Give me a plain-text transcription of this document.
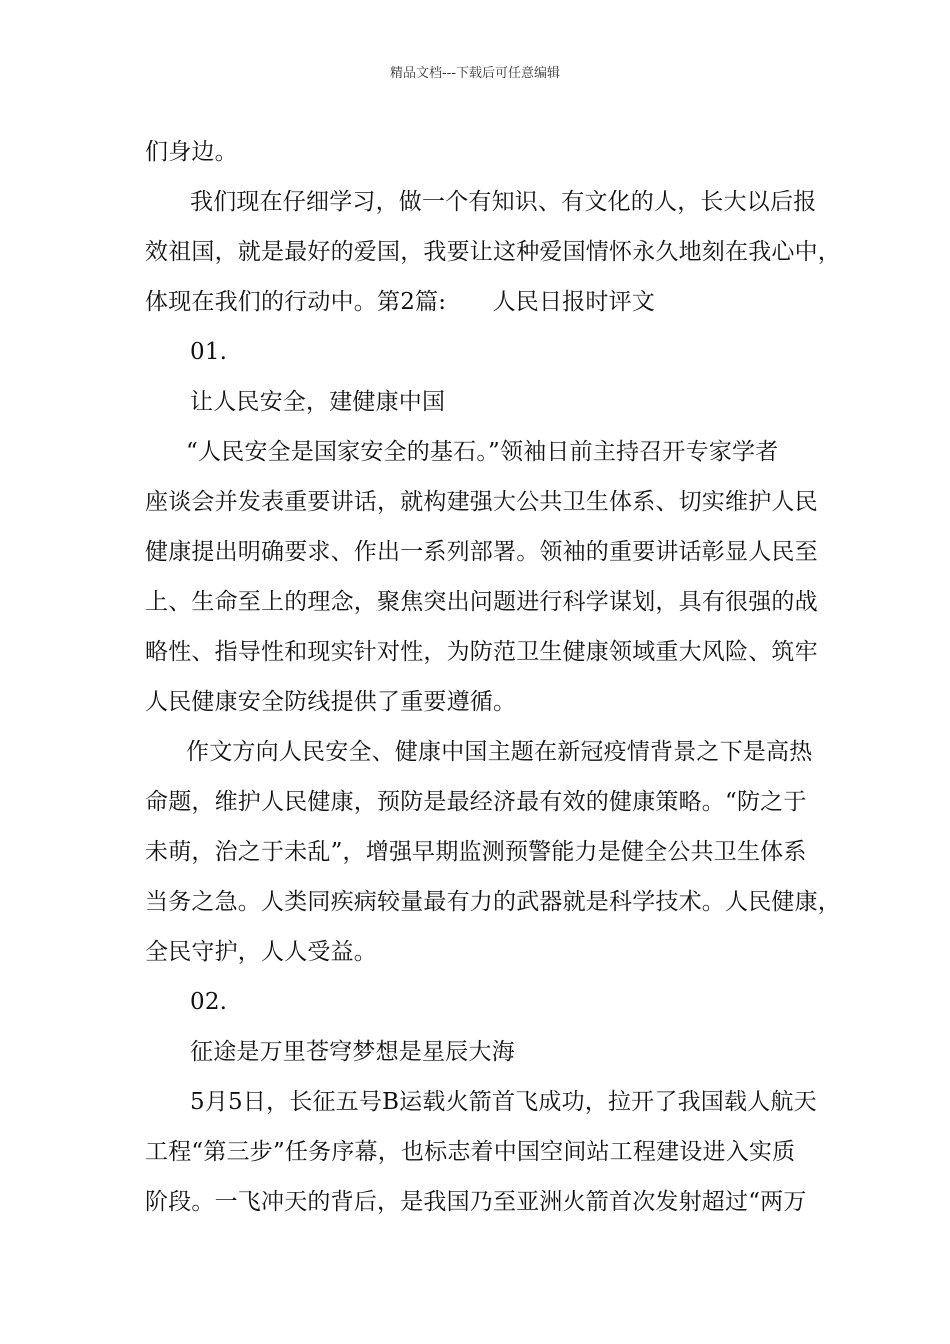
精品文档---下载后可任意编辑
们身边。
我们现在仔细学习，做一个有知识、有文化的人，长大以后报
效祖国，就是最好的爱国，我要让这种爱国情怀永久地刻在我心中，
体现在我们的行动中。第2篇:　　人民日报时评文
01.
让人民安全，建健康中国
“人民安全是国家安全的基石。”领袖日前主持召开专家学者
座谈会并发表重要讲话，就构建强大公共卫生体系、切实维护人民
健康提出明确要求、作出一系列部署。领袖的重要讲话彰显人民至
上、生命至上的理念，聚焦突出问题进行科学谋划，具有很强的战
略性、指导性和现实针对性，为防范卫生健康领域重大风险、筑牢
人民健康安全防线提供了重要遵循。
作文方向人民安全、健康中国主题在新冠疫情背景之下是高热
命题，维护人民健康，预防是最经济最有效的健康策略。“防之于
未萌，治之于未乱”，增强早期监测预警能力是健全公共卫生体系
当务之急。人类同疾病较量最有力的武器就是科学技术。人民健康，
全民守护，人人受益。
02.
征途是万里苍穹梦想是星辰大海
5月5日，长征五号B运载火箭首飞成功，拉开了我国载人航天
工程“第三步”任务序幕，也标志着中国空间站工程建设进入实质
阶段。一飞冲天的背后，是我国乃至亚洲火箭首次发射超过“两万
